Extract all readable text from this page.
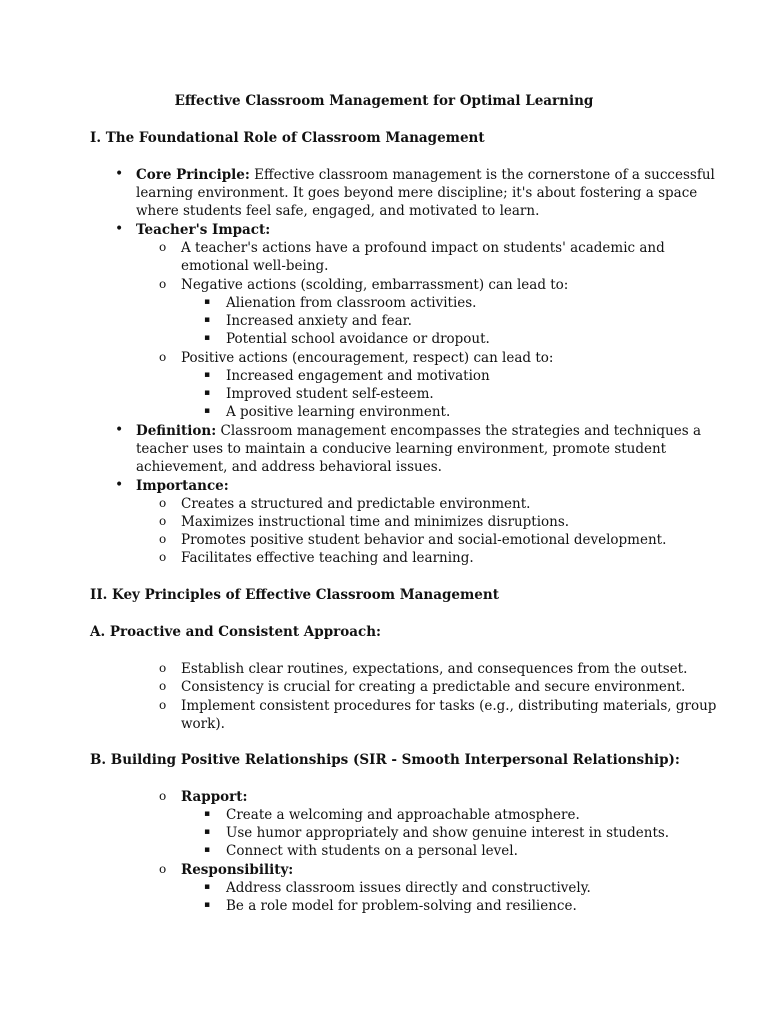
Effective Classroom Management for Optimal Learning
I. The Foundational Role of Classroom Management
• Core Principle: Effective classroom management is the cornerstone of a successful
learning environment. It goes beyond mere discipline; it's about fostering a space
where students feel safe, engaged, and motivated to learn.
• Teacher's Impact:
o A teacher's actions have a profound impact on students' academic and
emotional well-being.
o Negative actions (scolding, embarrassment) can lead to:
▪ Alienation from classroom activities.
▪ Increased anxiety and fear.
▪ Potential school avoidance or dropout.
o Positive actions (encouragement, respect) can lead to:
▪ Increased engagement and motivation
▪ Improved student self-esteem.
▪ A positive learning environment.
• Definition: Classroom management encompasses the strategies and techniques a
teacher uses to maintain a conducive learning environment, promote student
achievement, and address behavioral issues.
• Importance:
o Creates a structured and predictable environment.
o Maximizes instructional time and minimizes disruptions.
o Promotes positive student behavior and social-emotional development.
o Facilitates effective teaching and learning.
II. Key Principles of Effective Classroom Management
A. Proactive and Consistent Approach:
o Establish clear routines, expectations, and consequences from the outset.
o Consistency is crucial for creating a predictable and secure environment.
o Implement consistent procedures for tasks (e.g., distributing materials, group
work).
B. Building Positive Relationships (SIR - Smooth Interpersonal Relationship):
o Rapport:
▪ Create a welcoming and approachable atmosphere.
▪ Use humor appropriately and show genuine interest in students.
▪ Connect with students on a personal level.
o Responsibility:
▪ Address classroom issues directly and constructively.
▪ Be a role model for problem-solving and resilience.
